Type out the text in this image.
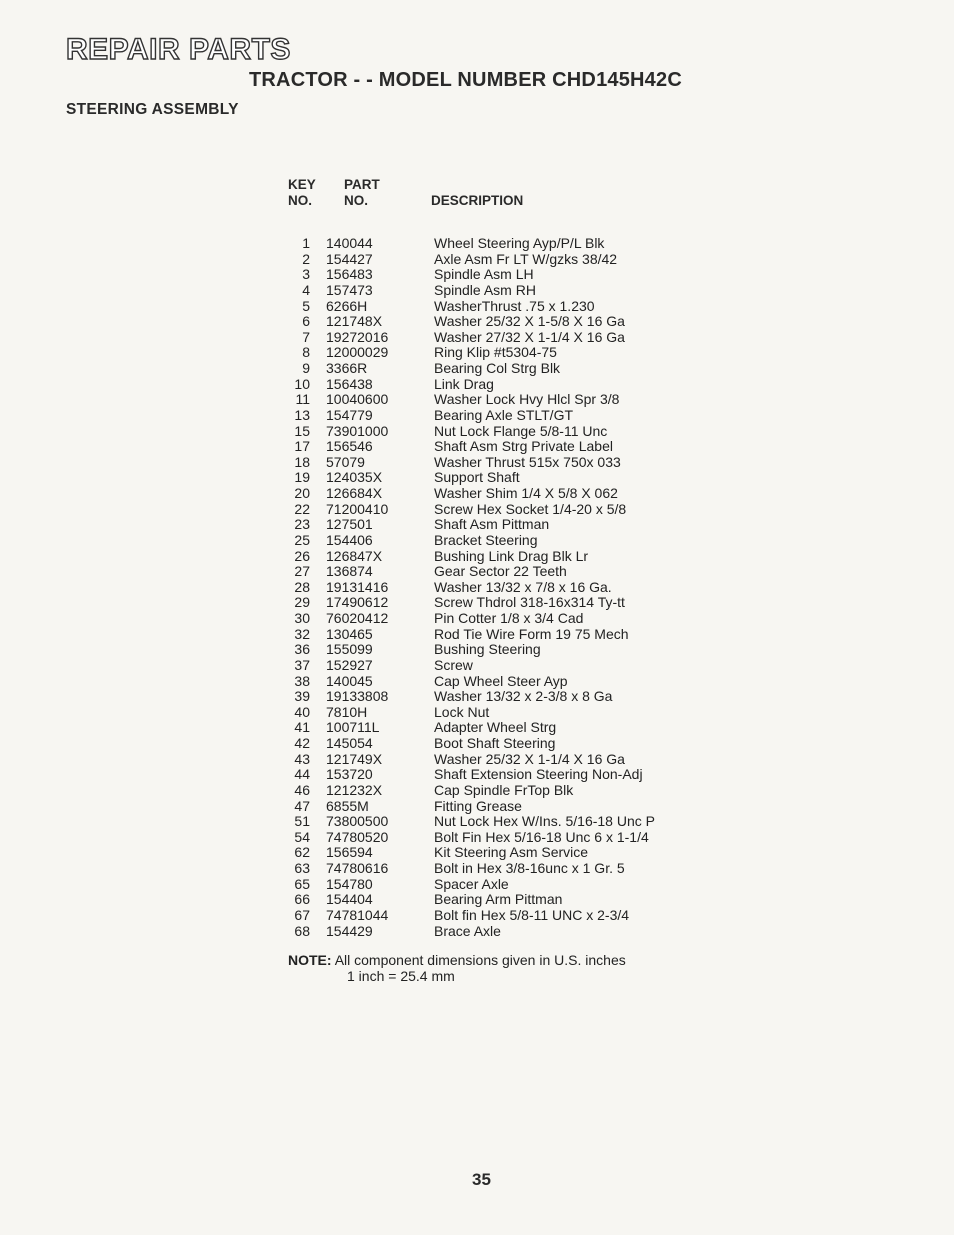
REPAIR PARTS
TRACTOR - - MODEL NUMBER CHD145H42C
STEERING ASSEMBLY
KEY PART
NO. NO.	DESCRIPTION
1	140044	Wheel Steering Ayp/P/L Blk
2	154427	Axle Asm Fr LT W/gzks 38/42
3	156483	Spindle Asm LH
4	157473	Spindle Asm RH
5	6266H	WasherThrust .75 x 1.230
6	121748X	Washer 25/32 X 1-5/8 X 16 Ga
7	19272016	Washer 27/32 X 1-1/4 X 16 Ga
8	12000029	Ring Klip #t5304-75
9	3366R	Bearing Col Strg Blk
10	156438	Link Drag
11	10040600	Washer Lock Hvy Hlcl Spr 3/8
13	154779	Bearing Axle STLT/GT
15	73901000	Nut Lock Flange 5/8-11 Unc
17	156546	Shaft Asm Strg Private Label
18	57079	Washer Thrust 515x 750x 033
19	124035X	Support Shaft
20	126684X	Washer Shim 1/4 X 5/8 X 062
22	71200410	Screw Hex Socket 1/4-20 x 5/8
23	127501	Shaft Asm Pittman
25	154406	Bracket Steering
26	126847X	Bushing Link Drag Blk Lr
27	136874	Gear Sector 22 Teeth
28	19131416	Washer 13/32 x 7/8 x 16 Ga.
29	17490612	Screw Thdrol 318-16x314 Ty-tt
30	76020412	Pin Cotter 1/8 x 3/4 Cad
32	130465	Rod Tie Wire Form 19 75 Mech
36	155099	Bushing Steering
37	152927	Screw
38	140045	Cap Wheel Steer Ayp
39	19133808	Washer 13/32 x 2-3/8 x 8 Ga
40	7810H	Lock Nut
41	100711L	Adapter Wheel Strg
42	145054	Boot Shaft Steering
43	121749X	Washer 25/32 X 1-1/4 X 16 Ga
44	153720	Shaft Extension Steering Non-Adj
46	121232X	Cap Spindle FrTop Blk
47	6855M	Fitting Grease
51	73800500	Nut Lock Hex W/Ins. 5/16-18 Unc P
54	74780520	Bolt Fin Hex 5/16-18 Unc 6 x 1-1/4
62	156594	Kit Steering Asm Service
63	74780616	Bolt in Hex 3/8-16unc x 1 Gr. 5
65	154780	Spacer Axle
66	154404	Bearing Arm Pittman
67	74781044	Bolt fin Hex 5/8-11 UNC x 2-3/4
68	154429	Brace Axle
NOTE: All component dimensions given in U.S. inches
1 inch = 25.4 mm
35
